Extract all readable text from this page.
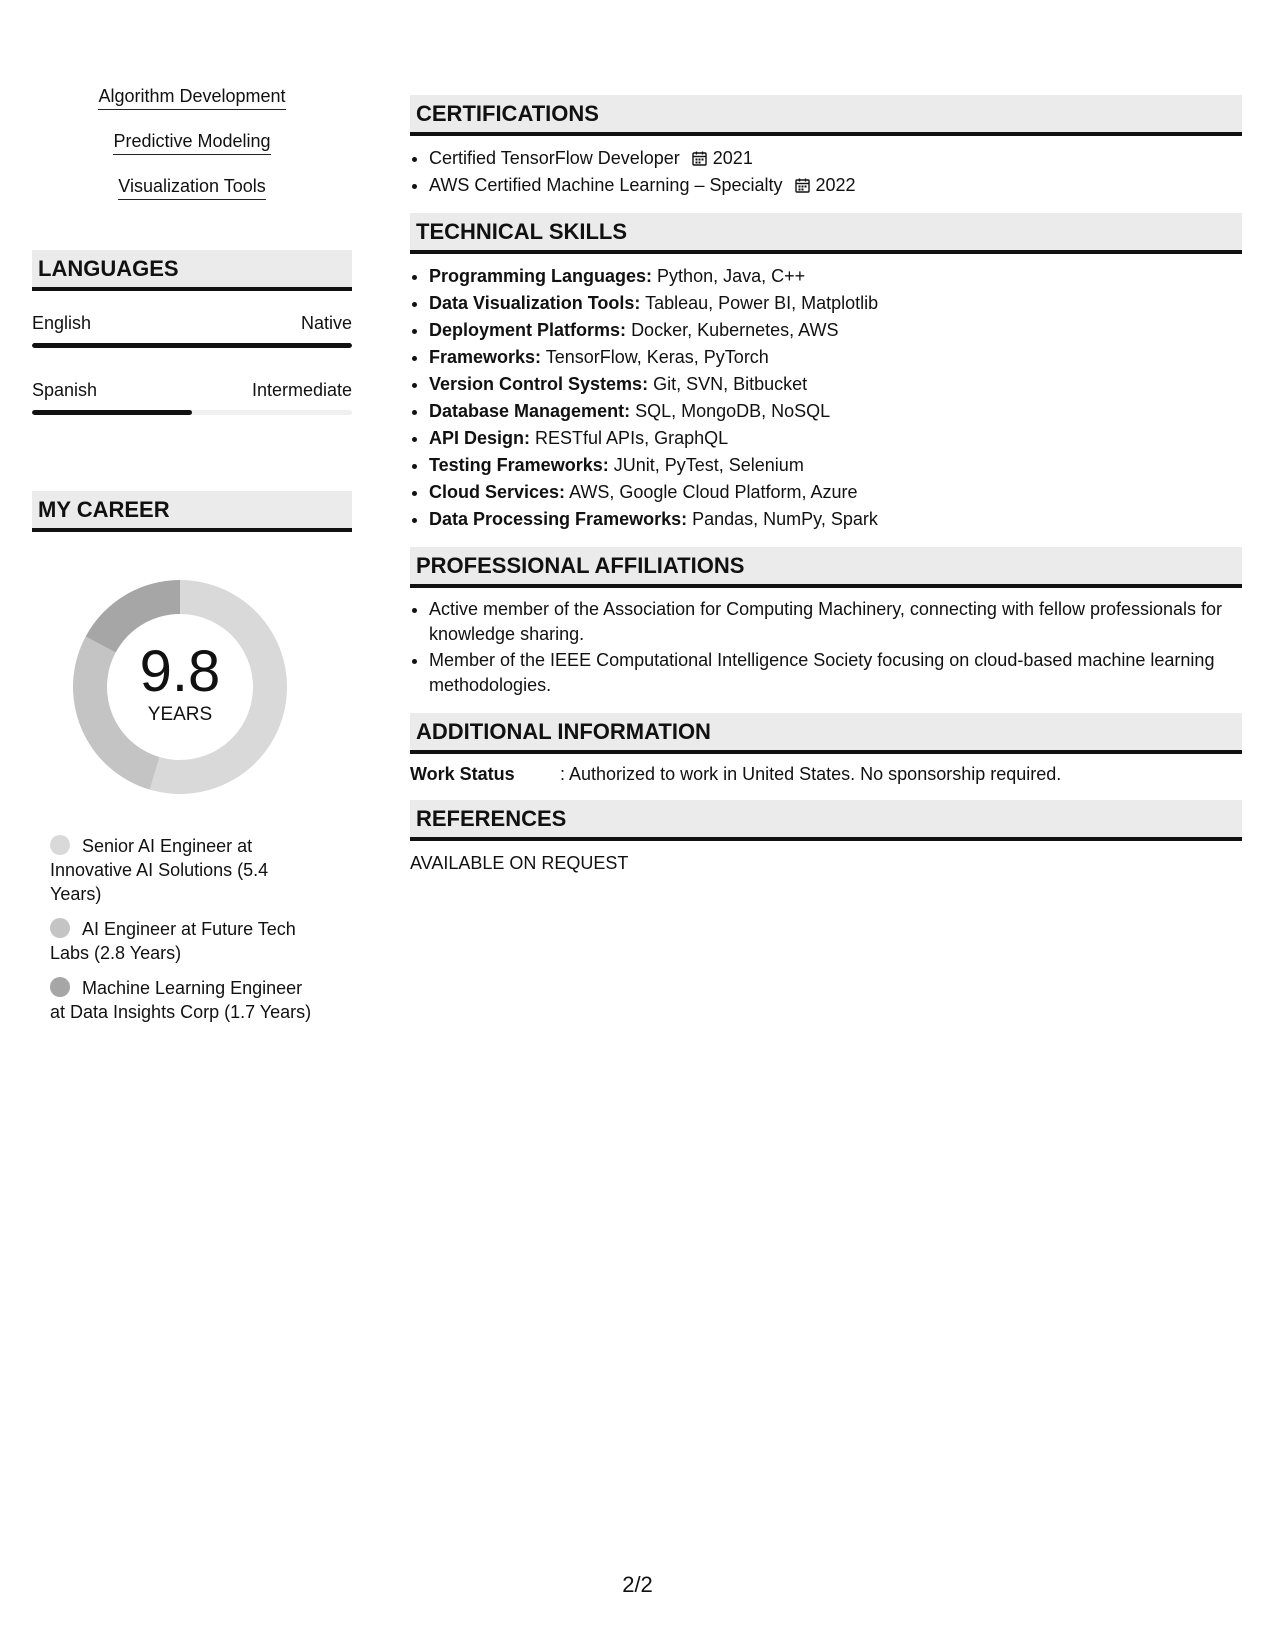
Algorithm Development
Predictive Modeling
Visualization Tools
LANGUAGES
English	Native
Spanish	Intermediate
MY CAREER
9.8
YEARS
Senior AI Engineer at Innovative AI Solutions (5.4 Years)
AI Engineer at Future Tech Labs (2.8 Years)
Machine Learning Engineer at Data Insights Corp (1.7 Years)
CERTIFICATIONS
• Certified TensorFlow Developer 2021
• AWS Certified Machine Learning – Specialty 2022
TECHNICAL SKILLS
• Programming Languages: Python, Java, C++
• Data Visualization Tools: Tableau, Power BI, Matplotlib
• Deployment Platforms: Docker, Kubernetes, AWS
• Frameworks: TensorFlow, Keras, PyTorch
• Version Control Systems: Git, SVN, Bitbucket
• Database Management: SQL, MongoDB, NoSQL
• API Design: RESTful APIs, GraphQL
• Testing Frameworks: JUnit, PyTest, Selenium
• Cloud Services: AWS, Google Cloud Platform, Azure
• Data Processing Frameworks: Pandas, NumPy, Spark
PROFESSIONAL AFFILIATIONS
• Active member of the Association for Computing Machinery, connecting with fellow professionals for knowledge sharing.
• Member of the IEEE Computational Intelligence Society focusing on cloud-based machine learning methodologies.
ADDITIONAL INFORMATION
Work Status	: Authorized to work in United States. No sponsorship required.
REFERENCES
AVAILABLE ON REQUEST
2/2
